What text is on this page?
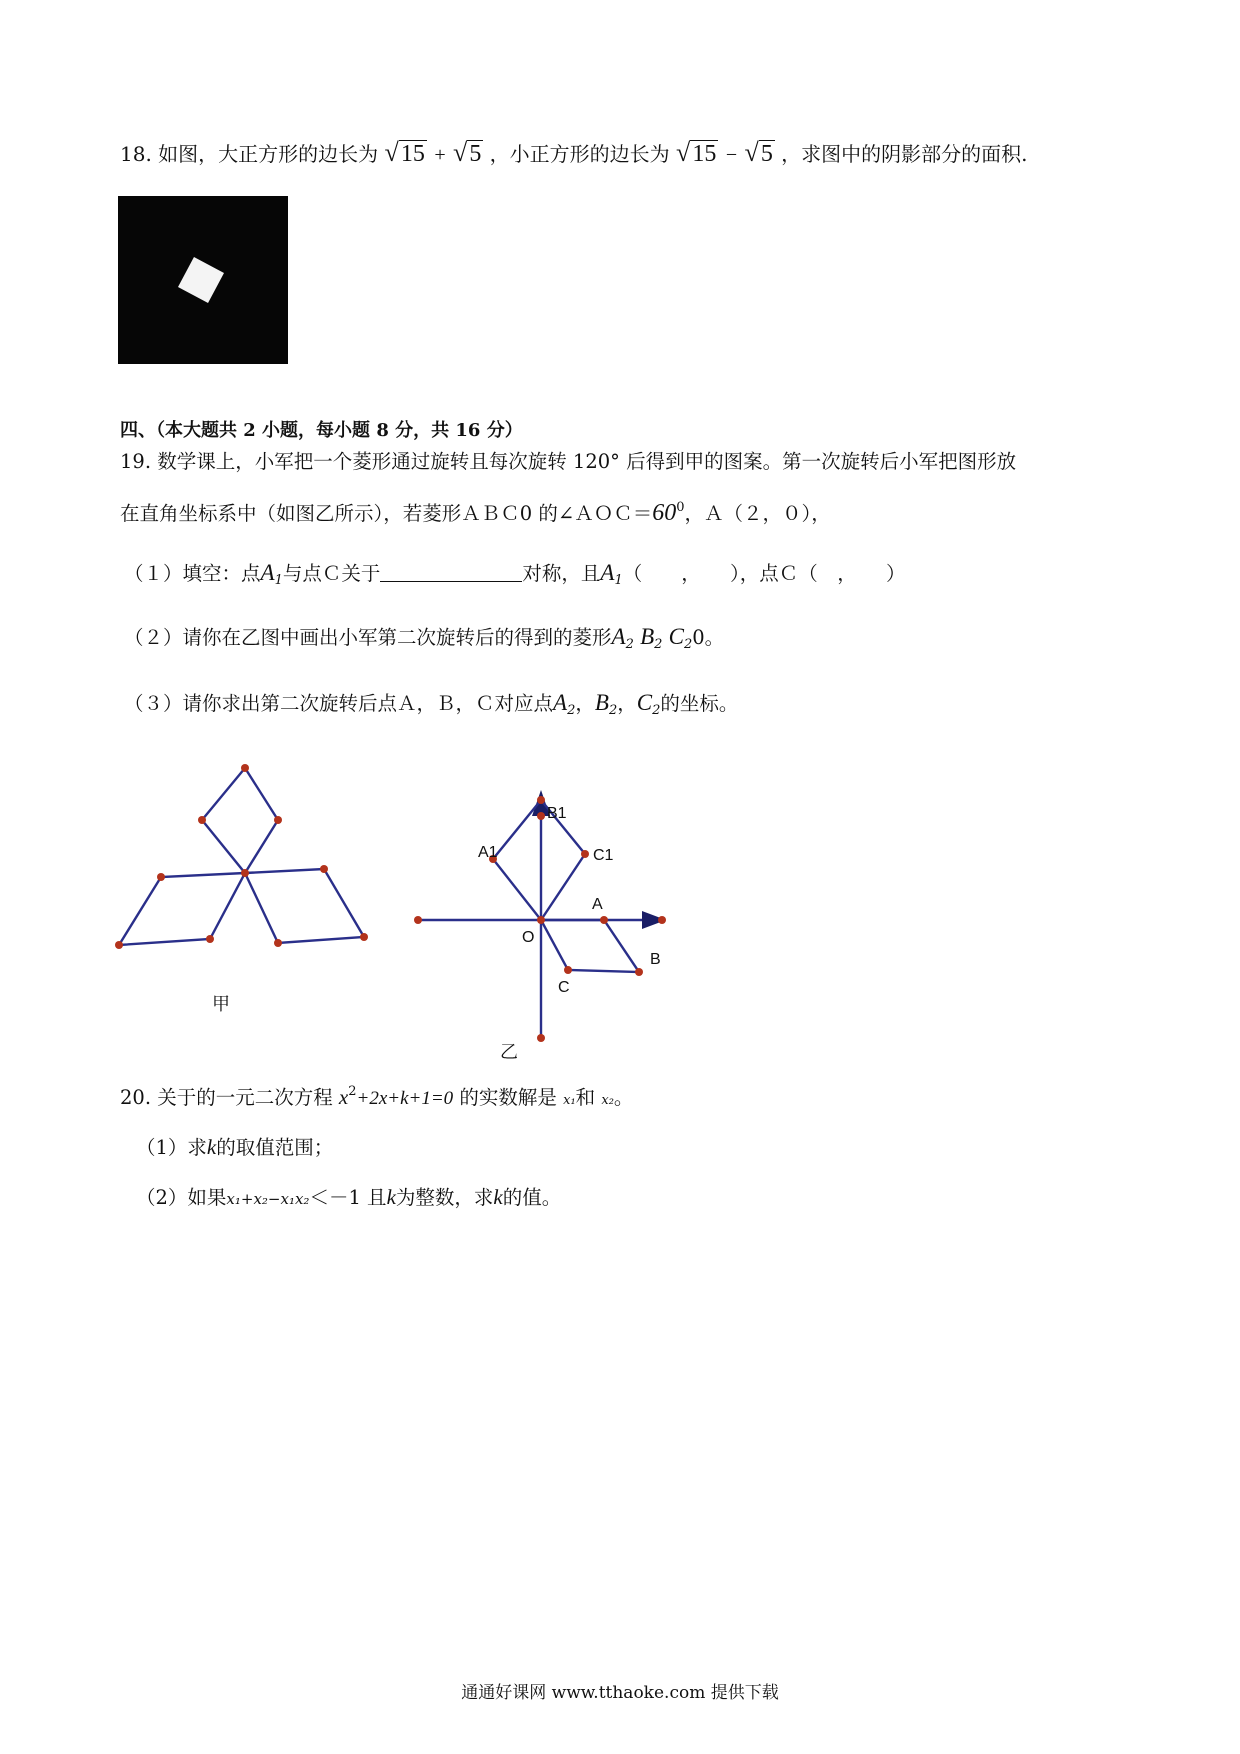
18. 如图，大正方形的边长为 √15 + √5 ，小正方形的边长为 √15 − √5 ，求图中的阴影部分的面积.
四、（本大题共 2 小题，每小题 8 分，共 16 分）
19. 数学课上，小军把一个菱形通过旋转且每次旋转 120° 后得到甲的图案。第一次旋转后小军把图形放
在直角坐标系中（如图乙所示），若菱形ＡＢＣ0 的$\angle AOC=60^0$，Ａ（２，０），
（１）填空：点$A_1$与点Ｃ关于	对称，且$A_1$（　　，　　），点Ｃ（　，　　）
（２）请你在乙图中画出小军第二次旋转后的得到的菱形$A_2$ $B_2$ $C_20$。
（３）请你求出第二次旋转后点Ａ，Ｂ，Ｃ对应点$A_2$，$B_2$，$C_2$的坐标。
甲
B1
A1	C1
A
B
C
O
乙
20. 关于的一元二次方程 $x^2+2x+k+1=0$ 的实数解是 x₁和 x₂。
（1）求k的取值范围；
（2）如果x₁+x₂−x₁x₂＜－1 且k为整数，求k的值。
通通好课网 www.tthaoke.com 提供下载
